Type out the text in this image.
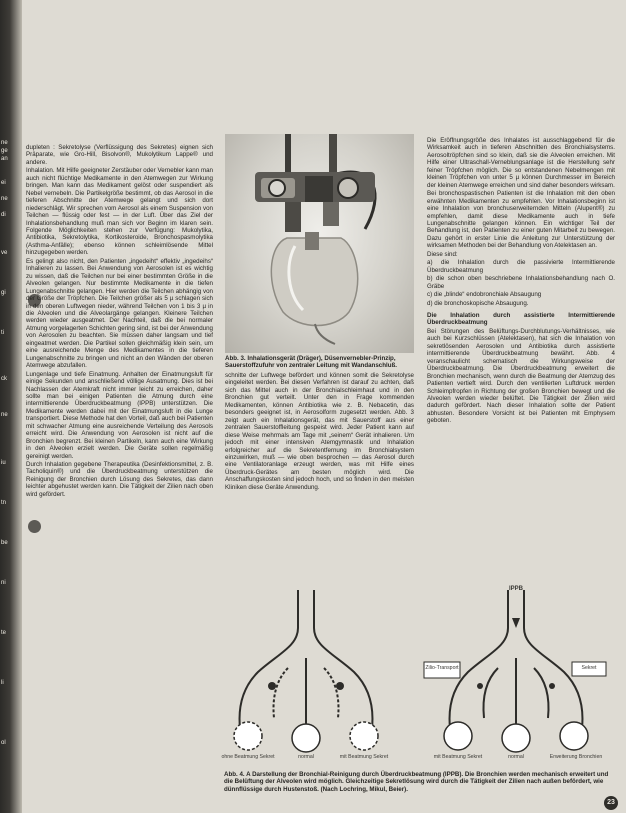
ne
ge
an
ei
ne
di
ve
gi
ti
ck
ne
iu
tn
be
ni
te
li
ol

dupleten : Sekretolyse (Verflüssigung des Sekretes) eignen sich Präparate, wie Gro-Hill, Bisolvon®, Mukolytikum Lappe® und andere.

Inhalation. Mit Hilfe geeigneter Zerstäuber oder Vernebler kann man auch nicht flüchtige Medikamente in den Atemwegen zur Wirkung bringen. Man kann das Medikament gelöst oder suspendiert als Nebel vernebeln. Die Partikelgröße bestimmt, ob das Aerosol in die tieferen Abschnitte der Atemwege gelangt und sich dort niederschlägt. Wir sprechen vom Aerosol als einem Suspension von Teilchen — flüssig oder fest — in der Luft. Über das Ziel der Inhalationsbehandlung muß man sich vor Beginn im klaren sein. Folgende Möglichkeiten stehen zur Verfügung: Mukolytika, Antibiotika, Sekretolytika, Kortikosteroide, Bronchospasmolytika (Asthma-Anfälle); ebenso können schleimlösende Mittel hinzugegeben werden.

Es gelingt also nicht, den Patienten „ingedeiht“ effektiv „ingedeihs“ Inhalieren zu lassen. Bei Anwendung von Aerosolen ist es wichtig zu wissen, daß die Teilchen nur bei einer bestimmten Größe in die Alveolen gelangen. Nur bestimmte Medikamente in die tiefen Lungenabschnitte gelangen. Hier werden die Teilchen abhängig von der Größe der Tröpfchen. Die Teilchen größer als 5 µ schlagen sich in den oberen Luftwegen nieder, während Teilchen von 1 bis 3 µ in die Alveolen und die Alveolargänge gelangen. Kleinere Teilchen werden wieder ausgeatmet. Der Nachteil, daß die bei normaler Atmung vorgelagerten Schichten gering sind, ist bei der Anwendung von Aerosolen zu beachten. Sie müssen daher langsam und tief eingeatmet werden. Die Partikel sollen gleichmäßig klein sein, um eine ausreichende Menge des Medikamentes in die tieferen Lungenabschnitte zu bringen und nicht an den Wänden der oberen Atemwege abzufallen.

Lungenlage und tiefe Einatmung. Anhalten der Einatmungsluft für einige Sekunden und anschließend völlige Ausatmung. Dies ist bei Nachlassen der Atemkraft nicht immer leicht zu erreichen, daher sollte man bei einigen Patienten die Atmung durch eine intermittierende Überdruckbeatmung (IPPB) unterstützen. Die Medikamente werden dabei mit der Einatmungsluft in die Lunge transportiert. Diese Methode hat den Vorteil, daß auch bei Patienten mit schwacher Atmung eine ausreichende Verteilung des Aerosols erreicht wird. Die Anwendung von Aerosolen ist nicht auf die Bronchien begrenzt. Bei kleinen Partikeln, kann auch eine Wirkung in den Alveolen erzielt werden. Die Geräte sollen regelmäßig gereinigt werden.

Durch Inhalation gegebene Therapeutika (Desinfektionsmittel, z. B. Tacholiquin®) und die Überdruckbeatmung unterstützen die Reinigung der Bronchien durch Lösung des Sekretes, das dann leichter abgehustet werden kann. Die Tätigkeit der Zilien nach oben wird gefördert.

Abb. 3. Inhalationsgerät (Dräger), Düsenvernebler-Prinzip, Sauerstoffzufuhr von zentraler Leitung mit Wandanschluß.

schnitte der Luftwege befördert und können somit die Sekretolyse eingeleitet werden. Bei diesen Verfahren ist darauf zu achten, daß sich das Mittel auch in der Bronchialschleimhaut und in den Bronchien gut verteilt. Unter den in Frage kommenden Medikamenten, können Antibiotika wie z. B. Nebacetin, das besonders geeignet ist, in Aerosolform zugesetzt werden. Abb. 3 zeigt auch ein Inhalationsgerät, das mit Sauerstoff aus einer zentralen Sauerstoffleitung gespeist wird. Jeder Patient kann auf diese Weise mehrmals am Tage mit „seinem“ Gerät inhalieren. Um jedoch mit einer intensiven Atemgymnastik und Inhalation erfolgreicher auf die Sekretentfernung im Bronchialsystem einzuwirken, muß — wie oben besprochen — das Aerosol durch eine Ventilatoranlage erzeugt werden, was mit Hilfe eines Überdruck-Gerätes am besten möglich wird. Die Anschaffungskosten sind jedoch hoch, und so finden in den meisten Kliniken diese Geräte Anwendung.

Die Eröffnungsgröße des Inhalates ist ausschlaggebend für die Wirksamkeit auch in tieferen Abschnitten des Bronchialsystems. Aerosoltröpfchen sind so klein, daß sie die Alveolen erreichen. Mit Hilfe einer Ultraschall-Verneblungsanlage ist die Herstellung sehr feiner Tröpfchen möglich. Die so entstandenen Nebelmengen mit kleinen Tröpfchen von unter 5 µ können Durchmesser im Bereich der kleinen Atemwege erreichen und sind daher besonders wirksam.

Bei bronchospastischen Patienten ist die Inhalation mit den oben erwähnten Medikamenten zu empfehlen. Vor Inhalationsbeginn ist eine Inhalation von bronchuserweiternden Mitteln (Alupent®) zu empfehlen, damit diese Medikamente auch in tiefe Lungenabschnitte gelangen können. Ein wichtiger Teil der Behandlung ist, den Patienten zu einer guten Mitarbeit zu bewegen. Dazu gehört in erster Linie die Anleitung zur Unterstützung der wirksamen Methoden bei der Behandlung von Atelektasen an.

Diese sind:

a) die Inhalation durch die passivierte Intermittierende Überdruckbeatmung

b) die schon oben beschriebene Inhalationsbehandlung nach O. Gräbe

c) die „blinde“ endobronchiale Absaugung

d) die bronchoskopische Absaugung.

Die Inhalation durch assistierte Intermittierende Überdruckbeatmung

Bei Störungen des Belüftungs-Durchblutungs-Verhältnisses, wie auch bei Kurzschlüssen (Atelektasen), hat sich die Inhalation von sekretlösenden Aerosolen und Antibiotika durch assistierte intermittierende Überdruckbeatmung bewährt. Abb. 4 veranschaulicht schematisch die Wirkungsweise der Überdruckbeatmung. Die Überdruckbeatmung erweitert die Bronchien mechanisch, wenn durch die Beatmung der Atemzug des Patienten vertieft wird. Durch den ventilierten Luftdruck werden Schleimpfropfen in Richtung der großen Bronchien bewegt und die Alveolen werden wieder belüftet. Die Tätigkeit der Zilien wird dadurch gefördert. Nach dieser Inhalation sollte der Patient abhusten. Besondere Vorsicht ist bei Patienten mit Emphysem geboten.

IPPB
Zilio-Transport	Sekret
ohne Beatmung Sekret	normal	mit Beatmung Sekret	mit Beatmung Sekret	normal	Erweiterung Bronchien
Abb. 4. A Darstellung der Bronchial-Reinigung durch Überdruckbeatmung (IPPB). Die Bronchien werden mechanisch erweitert und die Belüftung der Alveolen wird möglich. Gleichzeitige Sekretlösung wird durch die Tätigkeit der Zilien nach außen befördert, wie dünnflüssige durch Hustenstoß. (Nach Lochring, Mikul, Beier).
23
